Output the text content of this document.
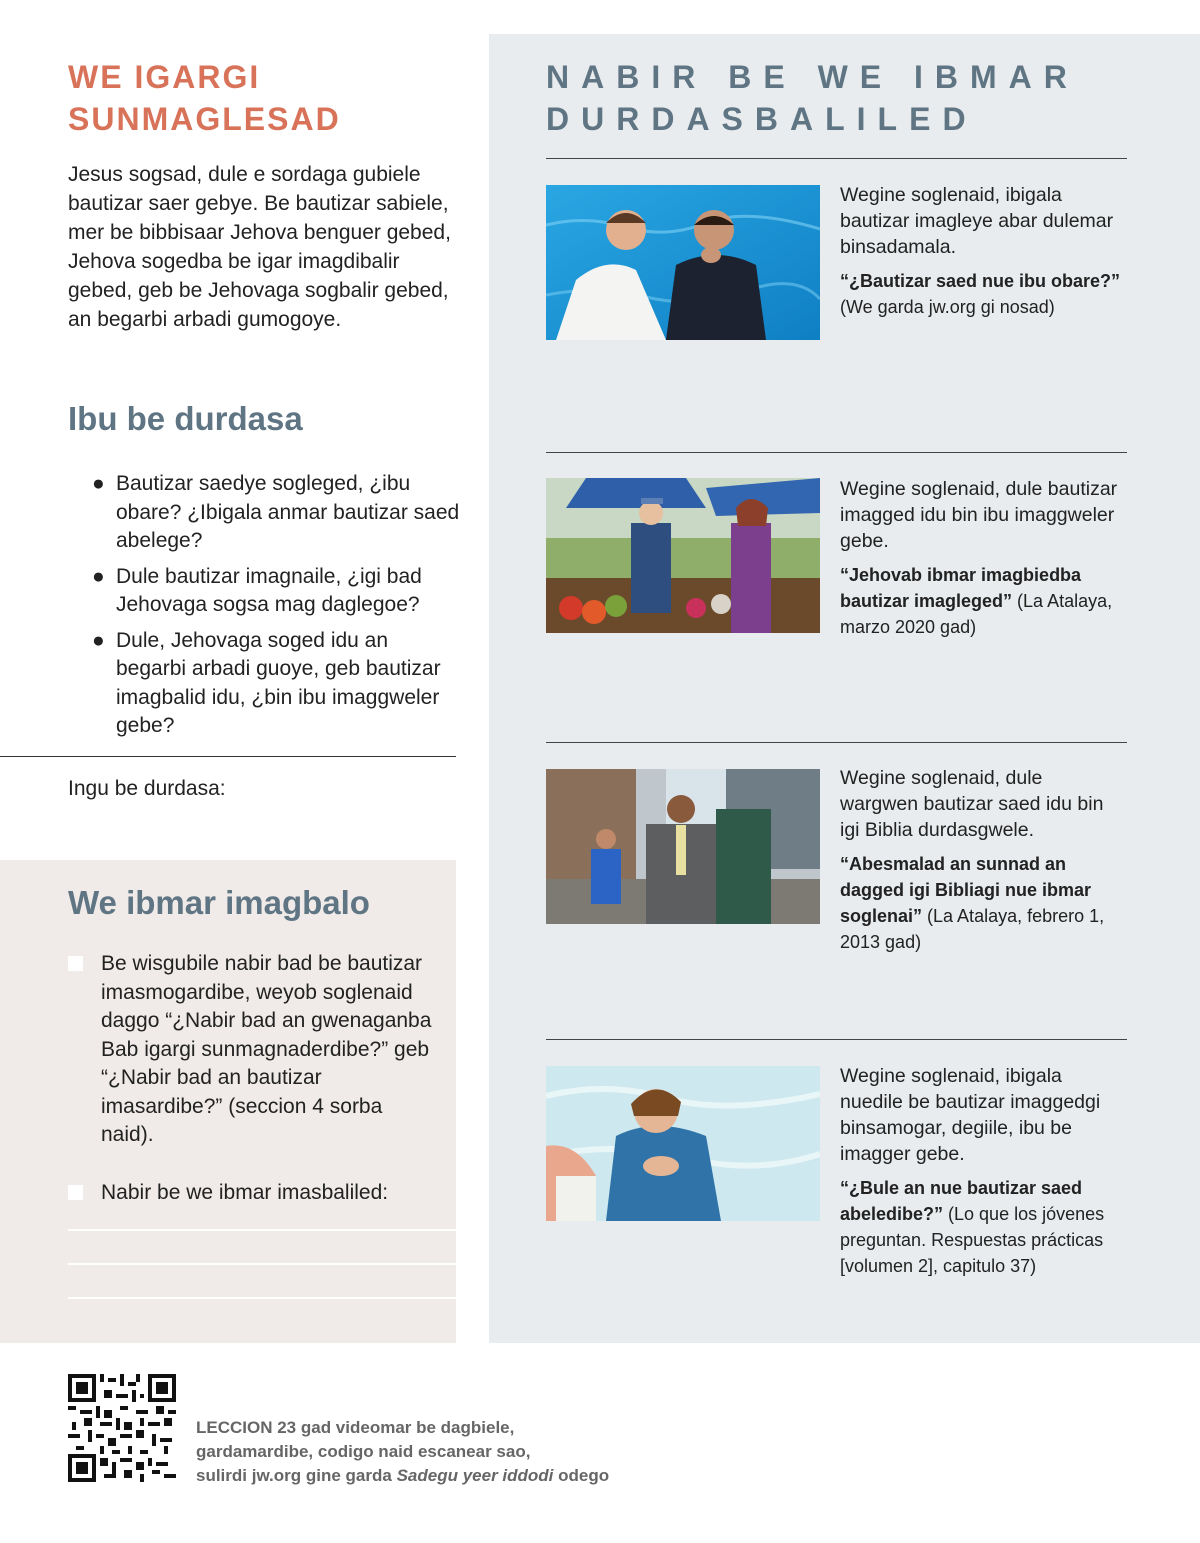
WE IGARGI
SUNMAGLESAD
Jesus sogsad, dule e sordaga gubiele bautizar saer gebye. Be bautizar sabiele, mer be bibbisaar Jehova benguer gebed, Jehova sogedba be igar imagdibalir gebed, geb be Jehovaga sogbalir gebed, an begarbi arbadi gumogoye.
Ibu be durdasa
● Bautizar saedye sogleged, ¿ibu obare? ¿Ibigala anmar bautizar saed abelege?
● Dule bautizar imagnaile, ¿igi bad Jehovaga sogsa mag daglegoe?
● Dule, Jehovaga soged idu an begarbi arbadi guoye, geb bautizar imagbalid idu, ¿bin ibu imaggweler gebe?
Ingu be durdasa:
We ibmar imagbalo
Be wisgubile nabir bad be bautizar imasmogardibe, weyob soglenaid daggo “¿Nabir bad an gwenaganba Bab igargi sunmagnaderdibe?” geb “¿Nabir bad an bautizar imasardibe?” (seccion 4 sorba naid).
Nabir be we ibmar imasbaliled:
NABIR BE WE IBMAR
DURDASBALILED

Wegine soglenaid, ibigala bautizar imagleye abar dulemar binsadamala.

“¿Bautizar saed nue ibu obare?” (We garda jw.org gi nosad)

Wegine soglenaid, dule bautizar imagged idu bin ibu imaggweler gebe.

“Jehovab ibmar imagbiedba bautizar imagleged” (La Atalaya, marzo 2020 gad)

Wegine soglenaid, dule wargwen bautizar saed idu bin igi Biblia durdasgwele.

“Abesmalad an sunnad an dagged igi Bibliagi nue ibmar soglenai” (La Atalaya, febrero 1, 2013 gad)

Wegine soglenaid, ibigala nuedile be bautizar imaggedgi binsamogar, degiile, ibu be imagger gebe.

“¿Bule an nue bautizar saed abeledibe?” (Lo que los jóvenes preguntan. Respuestas prácticas [volumen 2], capitulo 37)

LECCION 23 gad videomar be dagbiele,
gardamardibe, codigo naid escanear sao,
sulirdi jw.org gine garda Sadegu yeer iddodi odego
